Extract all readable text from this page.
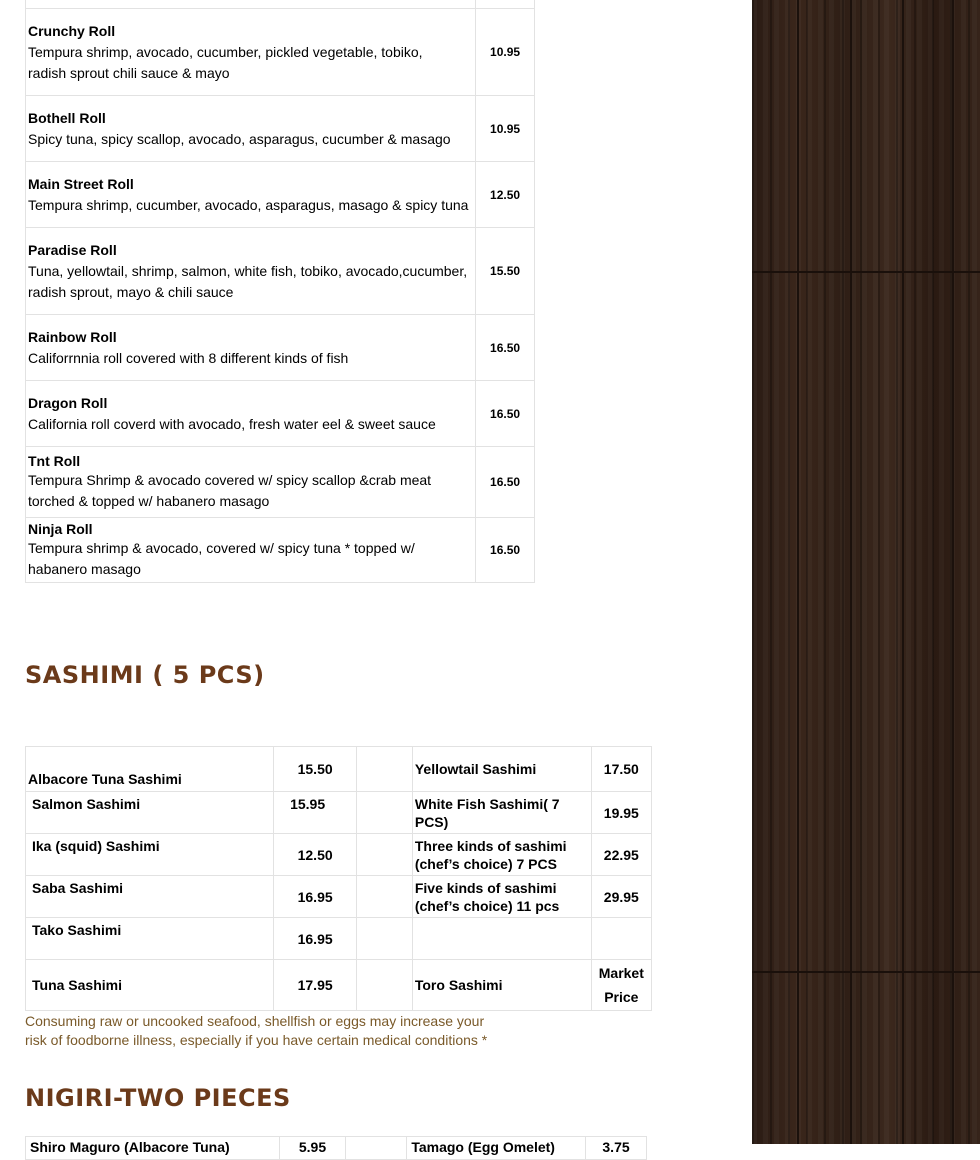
Crunchy Roll
Tempura shrimp, avocado, cucumber, pickled vegetable, tobiko, radish sprout chili sauce & mayo	10.95

Bothell Roll
Spicy tuna, spicy scallop, avocado, asparagus, cucumber & masago	10.95

Main Street Roll
Tempura shrimp, cucumber, avocado, asparagus, masago & spicy tuna	12.50

Paradise Roll
Tuna, yellowtail, shrimp, salmon, white fish, tobiko, avocado,cucumber, radish sprout, mayo & chili sauce	15.50

Rainbow Roll
Califorrnnia roll covered with 8 different kinds of fish	16.50

Dragon Roll
California roll coverd with avocado, fresh water eel & sweet sauce	16.50

Tnt Roll
Tempura Shrimp & avocado covered w/ spicy scallop &crab meat torched & topped w/ habanero masago	16.50

Ninja Roll
Tempura shrimp & avocado, covered w/ spicy tuna * topped w/ habanero masago	16.50
SASHIMI ( 5 PCS)
Albacore Tuna Sashimi	15.50		Yellowtail Sashimi	17.50
Salmon Sashimi	15.95		White Fish Sashimi( 7 PCS)	19.95
Ika (squid) Sashimi	12.50		Three kinds of sashimi (chef’s choice) 7 PCS	22.95
Saba Sashimi	16.95		Five kinds of sashimi (chef’s choice) 11 pcs	29.95
Tako Sashimi	16.95			
Tuna Sashimi	17.95		Toro Sashimi	Market Price

Consuming raw or uncooked seafood, shellfish or eggs may increase your risk of foodborne illness, especially if you have certain medical conditions *

NIGIRI-TWO PIECES
Shiro Maguro (Albacore Tuna)	5.95		Tamago (Egg Omelet)	3.75
